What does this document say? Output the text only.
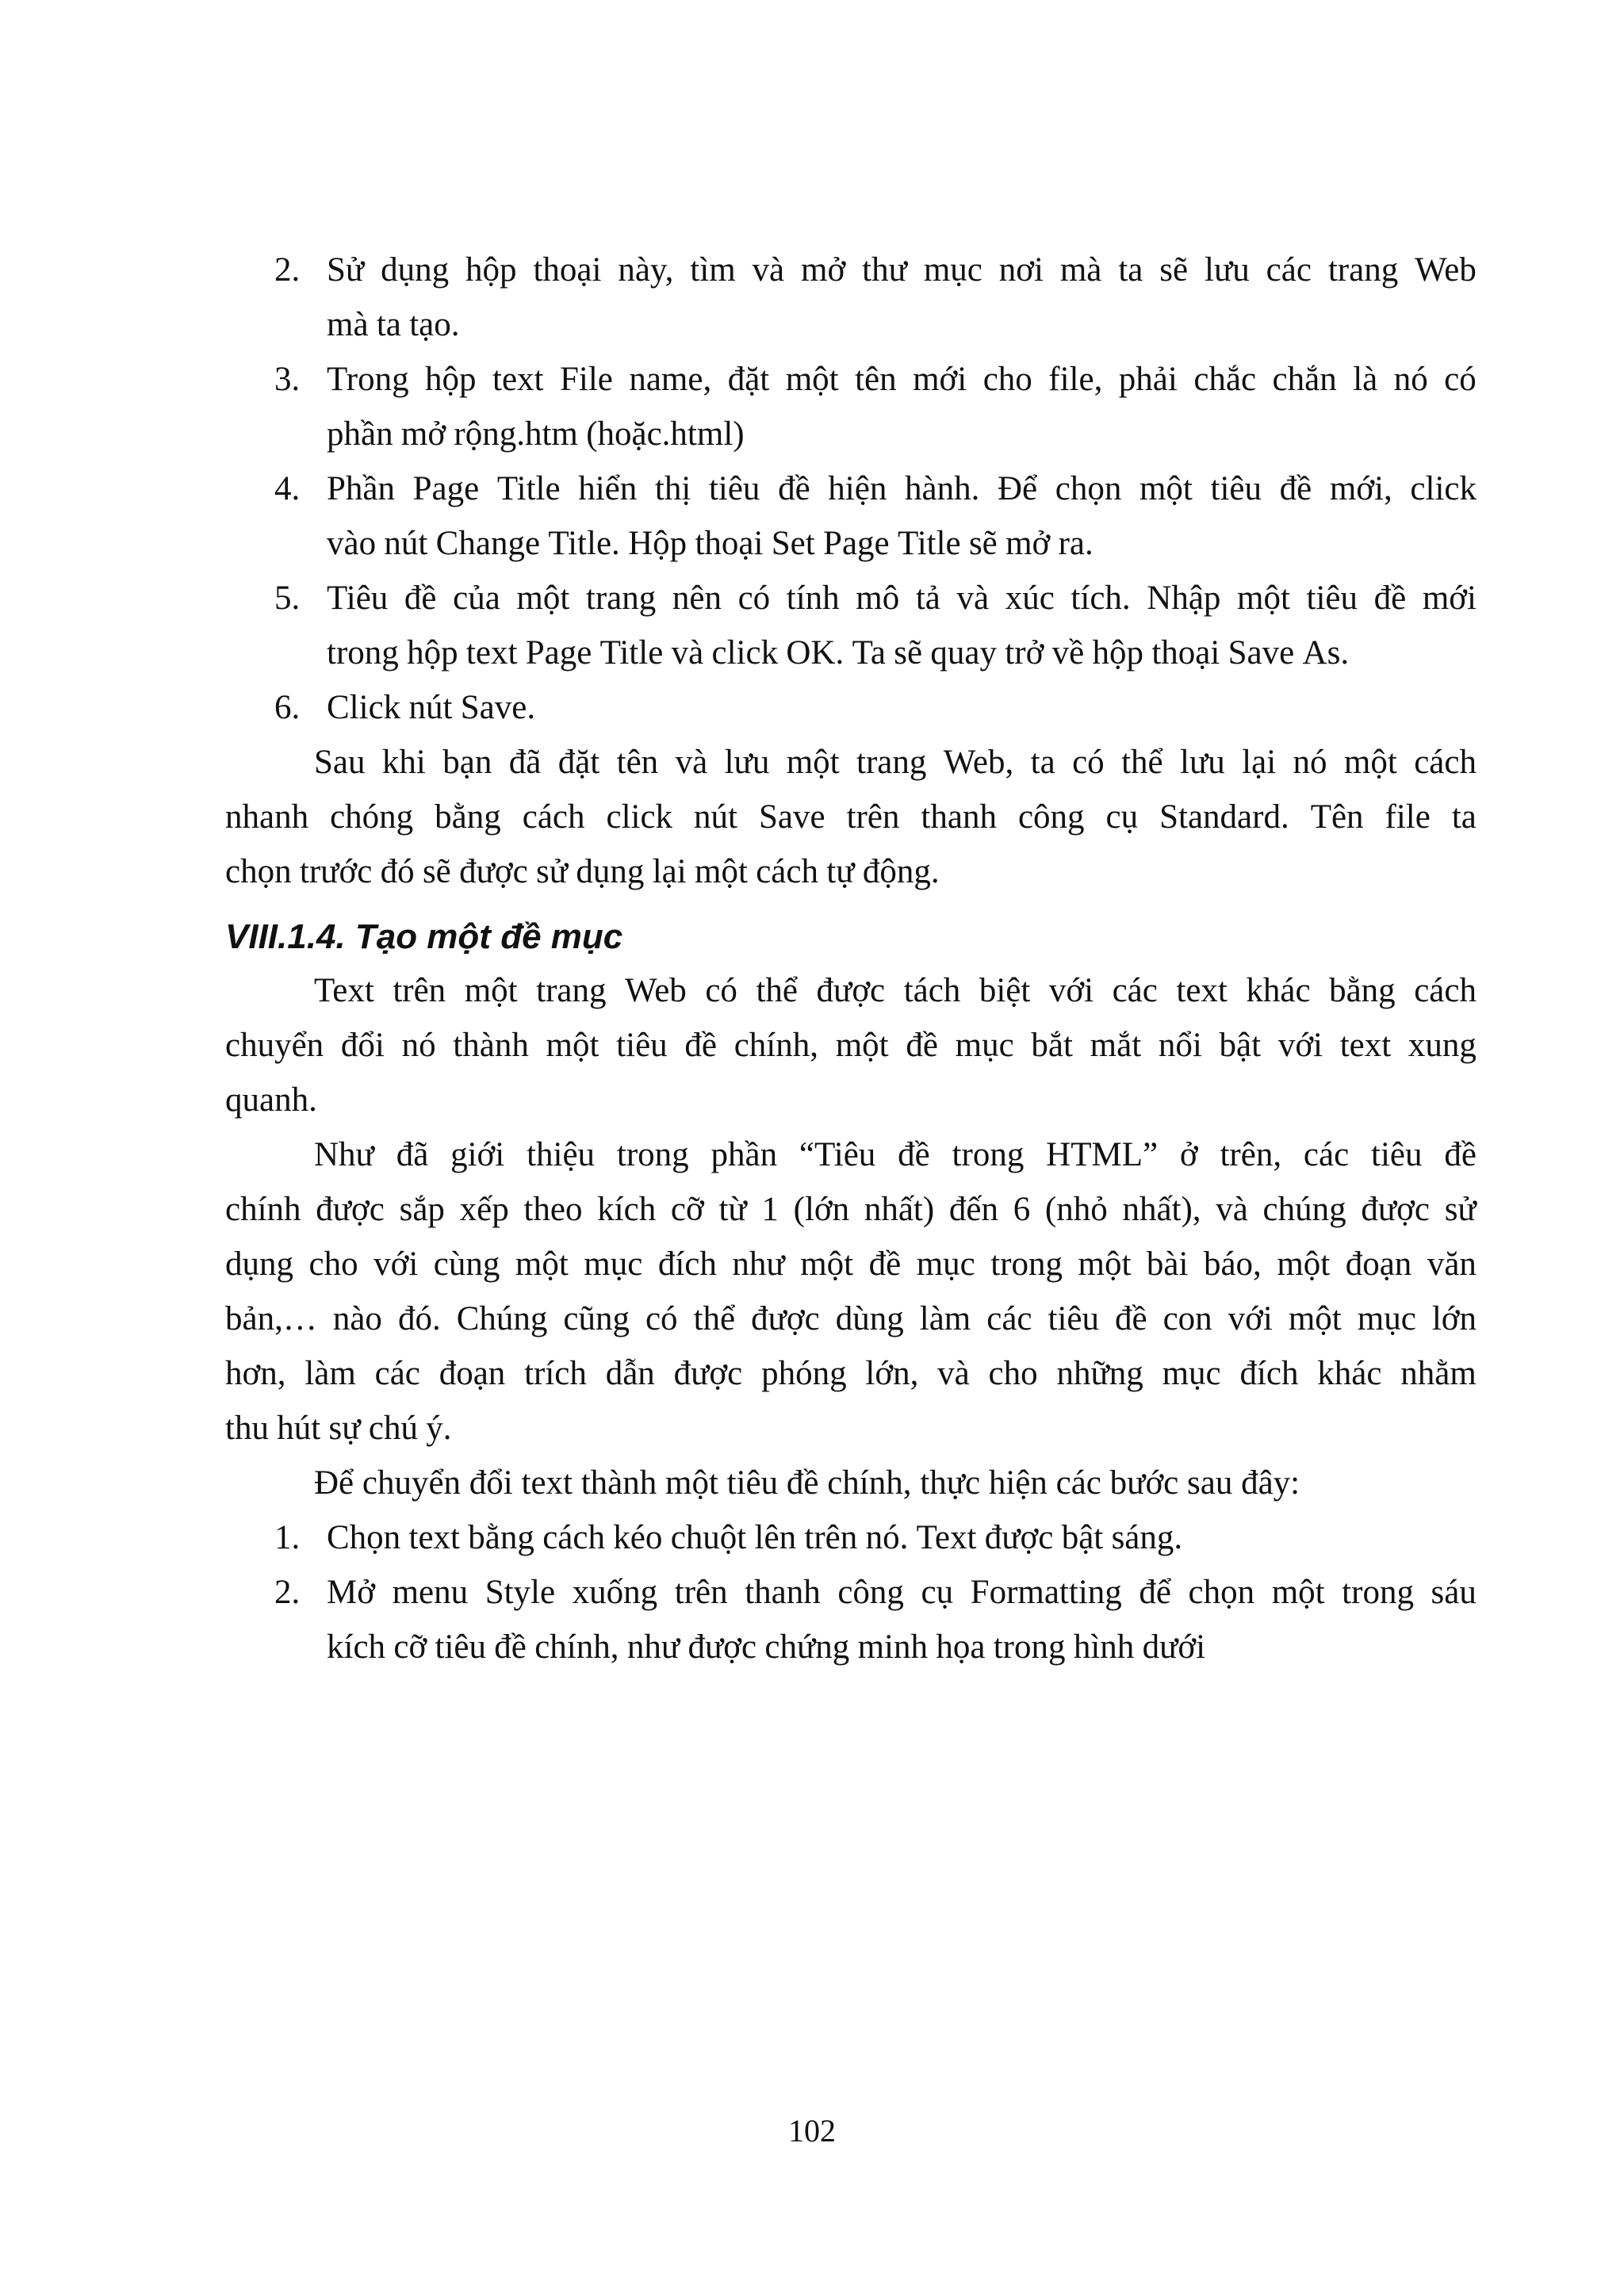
2. Sử dụng hộp thoại này, tìm và mở thư mục nơi mà ta sẽ lưu các trang Web
mà ta tạo.
3. Trong hộp text File name, đặt một tên mới cho file, phải chắc chắn là nó có
phần mở rộng.htm (hoặc.html)
4. Phần Page Title hiển thị tiêu đề hiện hành. Để chọn một tiêu đề mới, click
vào nút Change Title. Hộp thoại Set Page Title sẽ mở ra.
5. Tiêu đề của một trang nên có tính mô tả và xúc tích. Nhập một tiêu đề mới
trong hộp text Page Title và click OK. Ta sẽ quay trở về hộp thoại Save As.
6. Click nút Save.
Sau khi bạn đã đặt tên và lưu một trang Web, ta có thể lưu lại nó một cách
nhanh chóng bằng cách click nút Save trên thanh công cụ Standard. Tên file ta
chọn trước đó sẽ được sử dụng lại một cách tự động.
VIII.1.4. Tạo một đề mục
Text trên một trang Web có thể được tách biệt với các text khác bằng cách
chuyển đổi nó thành một tiêu đề chính, một đề mục bắt mắt nổi bật với text xung
quanh.
Như đã giới thiệu trong phần “Tiêu đề trong HTML” ở trên, các tiêu đề
chính được sắp xếp theo kích cỡ từ 1 (lớn nhất) đến 6 (nhỏ nhất), và chúng được sử
dụng cho với cùng một mục đích như một đề mục trong một bài báo, một đoạn văn
bản,… nào đó. Chúng cũng có thể được dùng làm các tiêu đề con với một mục lớn
hơn, làm các đoạn trích dẫn được phóng lớn, và cho những mục đích khác nhằm
thu hút sự chú ý.
Để chuyển đổi text thành một tiêu đề chính, thực hiện các bước sau đây:
1. Chọn text bằng cách kéo chuột lên trên nó. Text được bật sáng.
2. Mở menu Style xuống trên thanh công cụ Formatting để chọn một trong sáu
kích cỡ tiêu đề chính, như được chứng minh họa trong hình dưới
102
